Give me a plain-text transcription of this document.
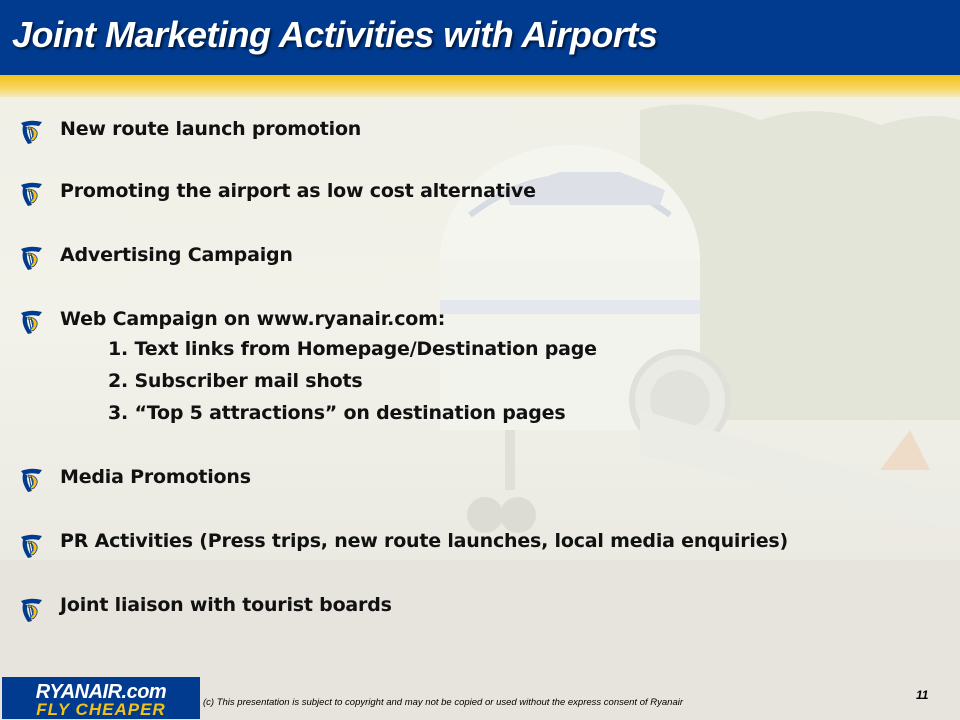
Joint Marketing Activities with Airports
New route launch promotion
Promoting the airport as low cost alternative
Advertising Campaign
Web Campaign on www.ryanair.com:
1. Text links from Homepage/Destination page
2. Subscriber mail shots
3. “Top 5 attractions” on destination pages
Media Promotions
PR Activities (Press trips, new route launches, local media enquiries)
Joint liaison with tourist boards
RYANAIR.com
FLY CHEAPER	(c) This presentation is subject to copyright and may not be copied or used without the express consent of Ryanair
11
